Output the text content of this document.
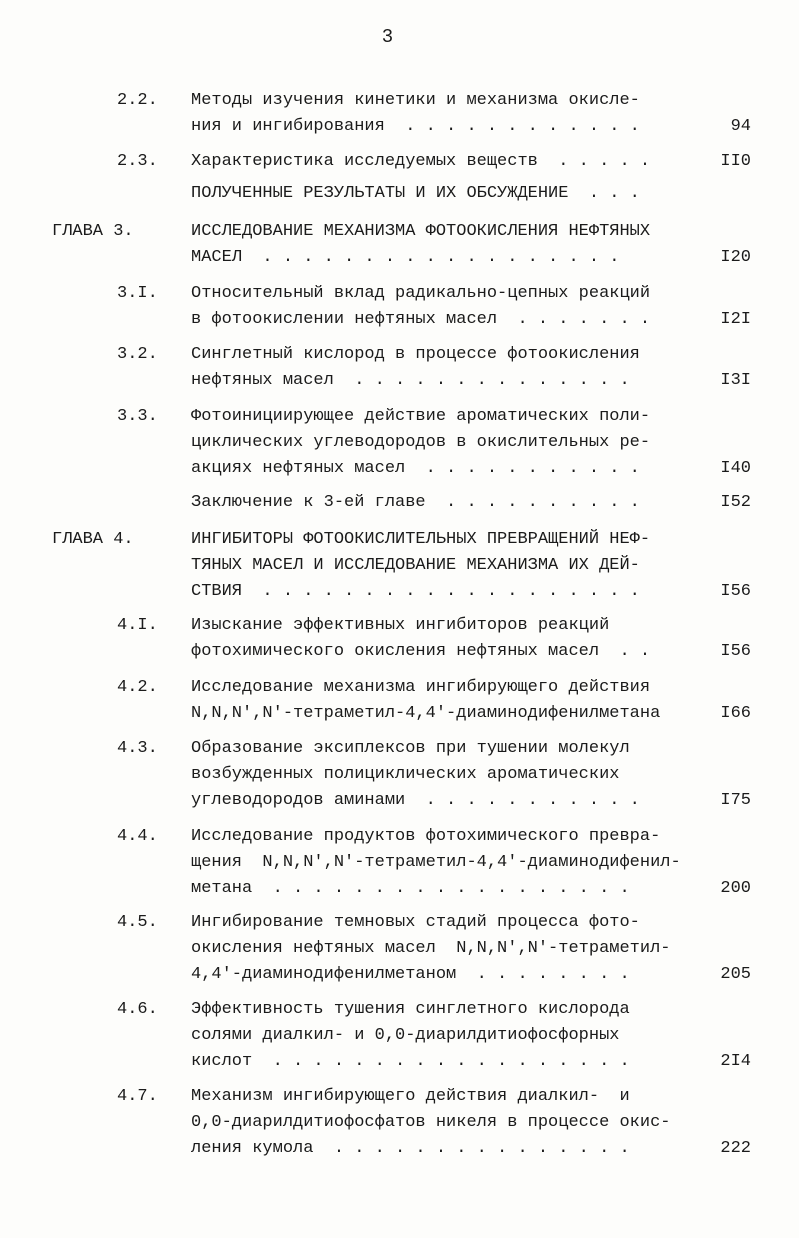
3
2.2. Методы изучения кинетики и механизма окисле-
ния и ингибирования  . . . . . . . . . . . .	94
2.3. Характеристика исследуемых веществ  . . . . .	II0
ПОЛУЧЕННЫЕ РЕЗУЛЬТАТЫ И ИХ ОБСУЖДЕНИЕ  . . .
ГЛАВА 3.	ИССЛЕДОВАНИЕ МЕХАНИЗМА ФОТООКИСЛЕНИЯ НЕФТЯНЫХ
МАСЕЛ  . . . . . . . . . . . . . . . . . .	I20
3.I. Относительный вклад радикально-цепных реакций
в фотоокислении нефтяных масел  . . . . . . .	I2I
3.2. Синглетный кислород в процессе фотоокисления
нефтяных масел  . . . . . . . . . . . . . .	I3I
3.3. Фотоинициирующее действие ароматических поли-
циклических углеводородов в окислительных ре-
акциях нефтяных масел  . . . . . . . . . . .	I40
Заключение к 3-ей главе  . . . . . . . . . .	I52
ГЛАВА 4.	ИНГИБИТОРЫ ФОТООКИСЛИТЕЛЬНЫХ ПРЕВРАЩЕНИЙ НЕФ-
ТЯНЫХ МАСЕЛ И ИССЛЕДОВАНИЕ МЕХАНИЗМА ИХ ДЕЙ-
СТВИЯ  . . . . . . . . . . . . . . . . . . .	I56
4.I. Изыскание эффективных ингибиторов реакций
фотохимического окисления нефтяных масел  . .	I56
4.2. Исследование механизма ингибирующего действия
N,N,N',N'-тетраметил-4,4'-диаминодифенилметана	I66
4.3. Образование эксиплексов при тушении молекул
возбужденных полициклических ароматических
углеводородов аминами  . . . . . . . . . . .	I75
4.4. Исследование продуктов фотохимического превра-
щения  N,N,N',N'-тетраметил-4,4'-диаминодифенил-
метана  . . . . . . . . . . . . . . . . . .	200
4.5. Ингибирование темновых стадий процесса фото-
окисления нефтяных масел  N,N,N',N'-тетраметил-
4,4'-диаминодифенилметаном  . . . . . . . .	205
4.6. Эффективность тушения синглетного кислорода
солями диалкил- и 0,0-диарилдитиофосфорных
кислот  . . . . . . . . . . . . . . . . . .	2I4
4.7. Механизм ингибирующего действия диалкил-  и
0,0-диарилдитиофосфатов никеля в процессе окис-
ления кумола  . . . . . . . . . . . . . . .	222
